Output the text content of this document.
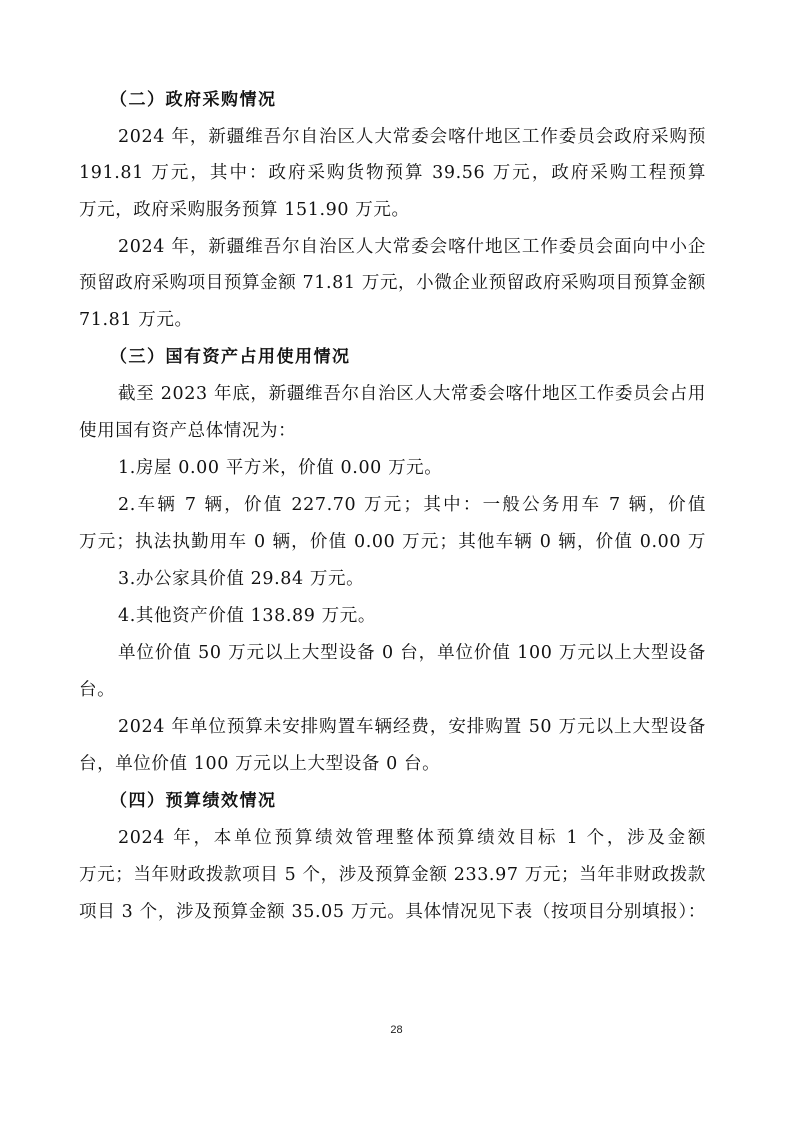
（二）政府采购情况
2024 年，新疆维吾尔自治区人大常委会喀什地区工作委员会政府采购预
191.81 万元，其中：政府采购货物预算 39.56 万元，政府采购工程预算
万元，政府采购服务预算 151.90 万元。
2024 年，新疆维吾尔自治区人大常委会喀什地区工作委员会面向中小企
预留政府采购项目预算金额 71.81 万元，小微企业预留政府采购项目预算金额
71.81 万元。
（三）国有资产占用使用情况
截至 2023 年底，新疆维吾尔自治区人大常委会喀什地区工作委员会占用
使用国有资产总体情况为：
1.房屋 0.00 平方米，价值 0.00 万元。
2.车辆 7 辆，价值 227.70 万元；其中：一般公务用车 7 辆，价值
万元；执法执勤用车 0 辆，价值 0.00 万元；其他车辆 0 辆，价值 0.00 万
3.办公家具价值 29.84 万元。
4.其他资产价值 138.89 万元。
单位价值 50 万元以上大型设备 0 台，单位价值 100 万元以上大型设备
台。
2024 年单位预算未安排购置车辆经费，安排购置 50 万元以上大型设备
台，单位价值 100 万元以上大型设备 0 台。
（四）预算绩效情况
2024 年，本单位预算绩效管理整体预算绩效目标 1 个，涉及金额
万元；当年财政拨款项目 5 个，涉及预算金额 233.97 万元；当年非财政拨款
项目 3 个，涉及预算金额 35.05 万元。具体情况见下表（按项目分别填报）：
28
